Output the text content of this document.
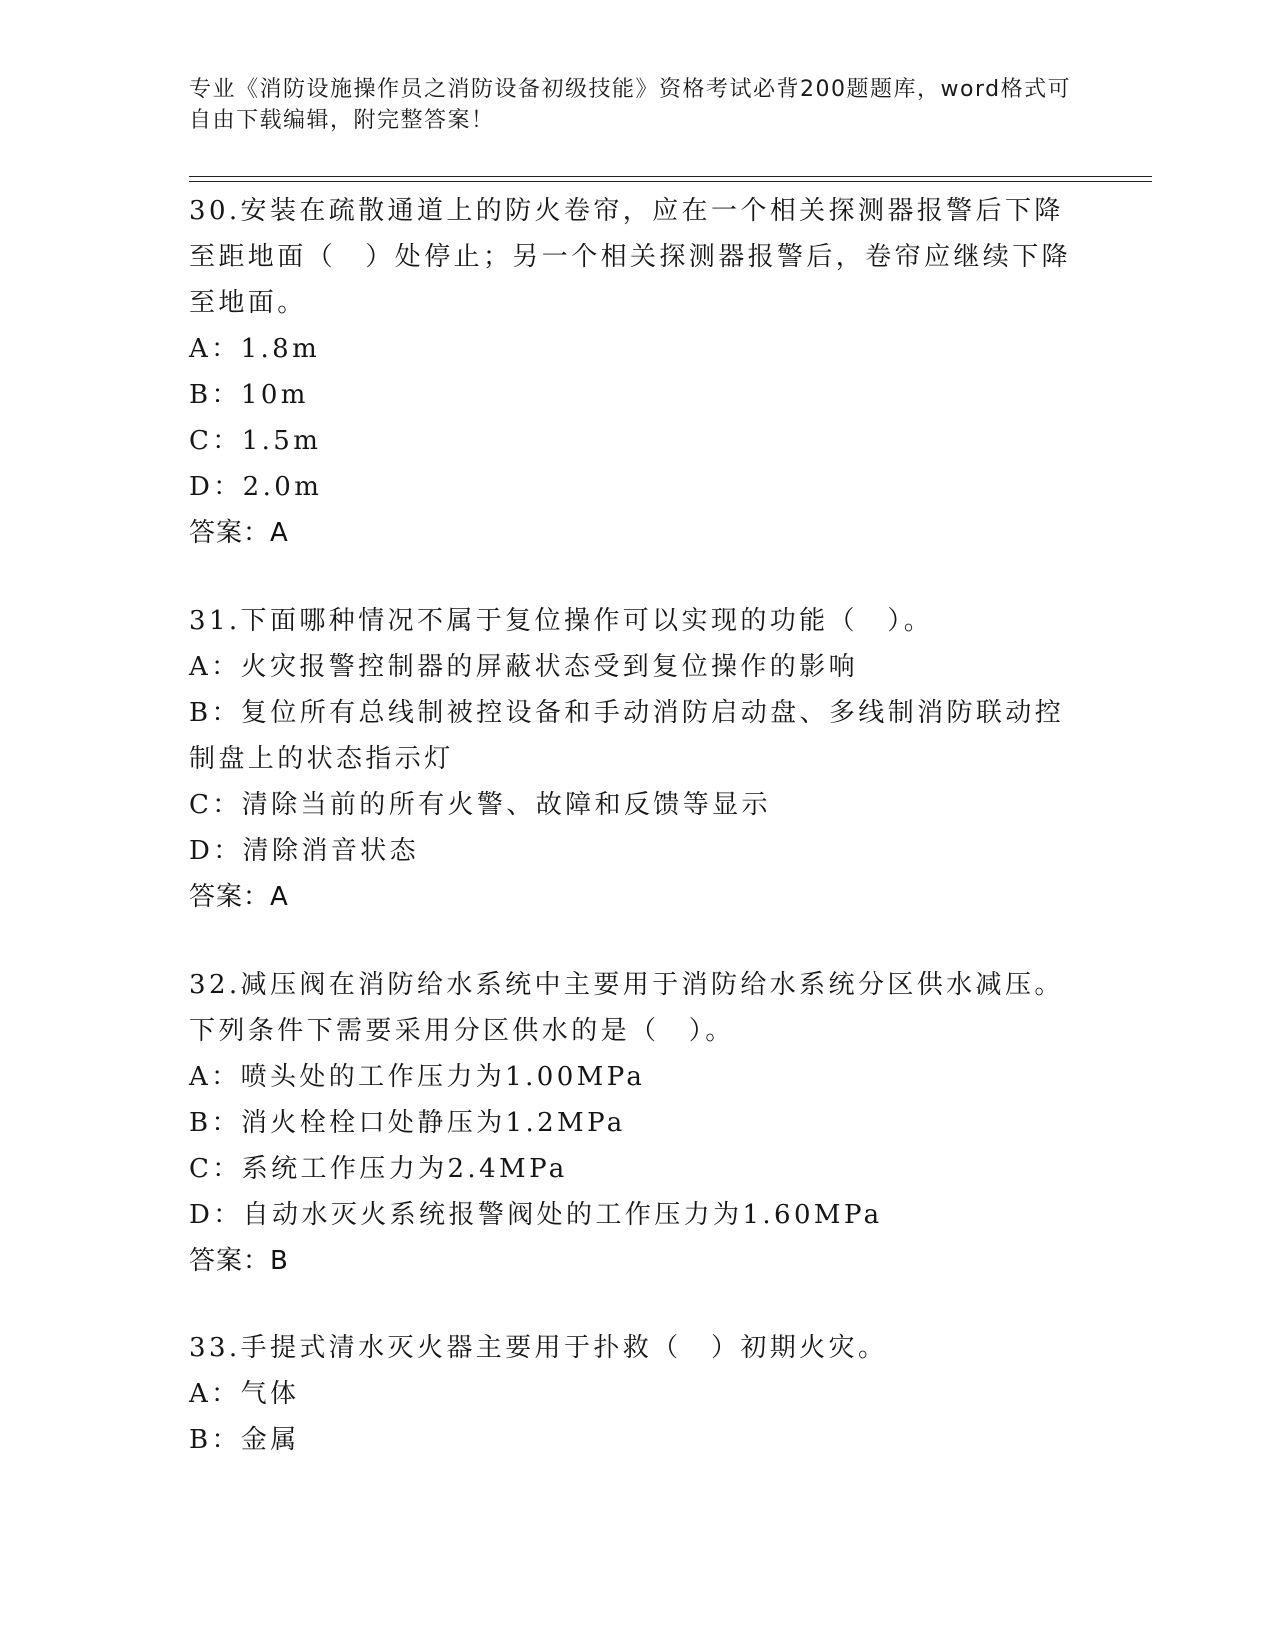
专业《消防设施操作员之消防设备初级技能》资格考试必背200题题库，word格式可自由下载编辑，附完整答案！
30.安装在疏散通道上的防火卷帘，应在一个相关探测器报警后下降至距地面（　）处停止；另一个相关探测器报警后，卷帘应继续下降至地面。
A：1.8m
B：10m
C：1.5m
D：2.0m
答案：A
31.下面哪种情况不属于复位操作可以实现的功能（　）。
A：火灾报警控制器的屏蔽状态受到复位操作的影响
B：复位所有总线制被控设备和手动消防启动盘、多线制消防联动控制盘上的状态指示灯
C：清除当前的所有火警、故障和反馈等显示
D：清除消音状态
答案：A
32.减压阀在消防给水系统中主要用于消防给水系统分区供水减压。下列条件下需要采用分区供水的是（　）。
A：喷头处的工作压力为1.00MPa
B：消火栓栓口处静压为1.2MPa
C：系统工作压力为2.4MPa
D：自动水灭火系统报警阀处的工作压力为1.60MPa
答案：B
33.手提式清水灭火器主要用于扑救（　）初期火灾。
A：气体
B：金属
